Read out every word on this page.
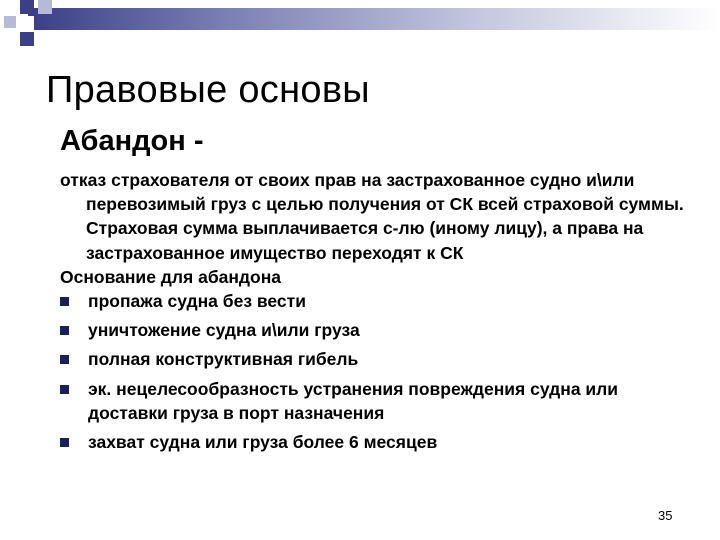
Правовые основы
Абандон -

отказ страхователя от своих прав на застрахованное судно и\или перевозимый груз с целью получения от СК всей страховой суммы. Страховая сумма выплачивается с-лю (иному лицу), а права на застрахованное имущество переходят к СК

Основание для абандона

пропажа судна без вести
уничтожение судна и\или груза
полная конструктивная гибель
эк. нецелесообразность устранения повреждения судна или доставки груза в порт назначения
захват судна или груза более 6 месяцев
35
